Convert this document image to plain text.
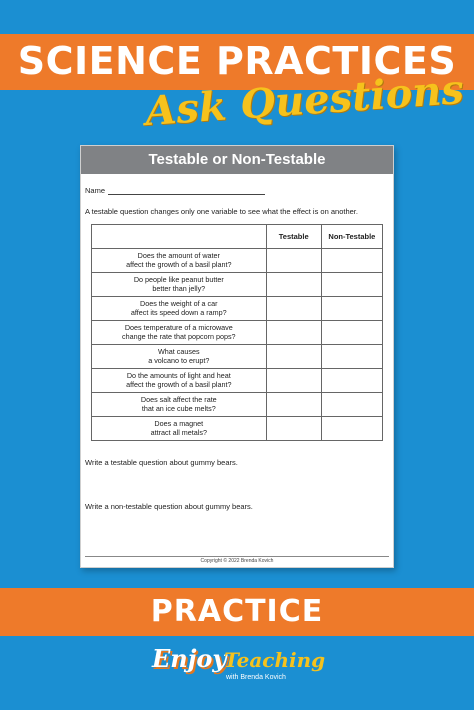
SCIENCE PRACTICES
Ask Questions
Testable or Non-Testable
Name
A testable question changes only one variable to see what the effect is on another.
	Testable	Non-Testable

Does the amount of water
affect the growth of a basil plant?		

Do people like peanut butter
better than jelly?		

Does the weight of a car
affect its speed down a ramp?		

Does temperature of a microwave
change the rate that popcorn pops?		

What causes
a volcano to erupt?		

Do the amounts of light and heat
affect the growth of a basil plant?		

Does salt affect the rate
that an ice cube melts?		

Does a magnet
attract all metals?		

Write a testable question about gummy bears.
Write a non-testable question about gummy bears.
Copyright © 2022 Brenda Kovich
PRACTICE
Enjoy
Teaching
with Brenda Kovich
